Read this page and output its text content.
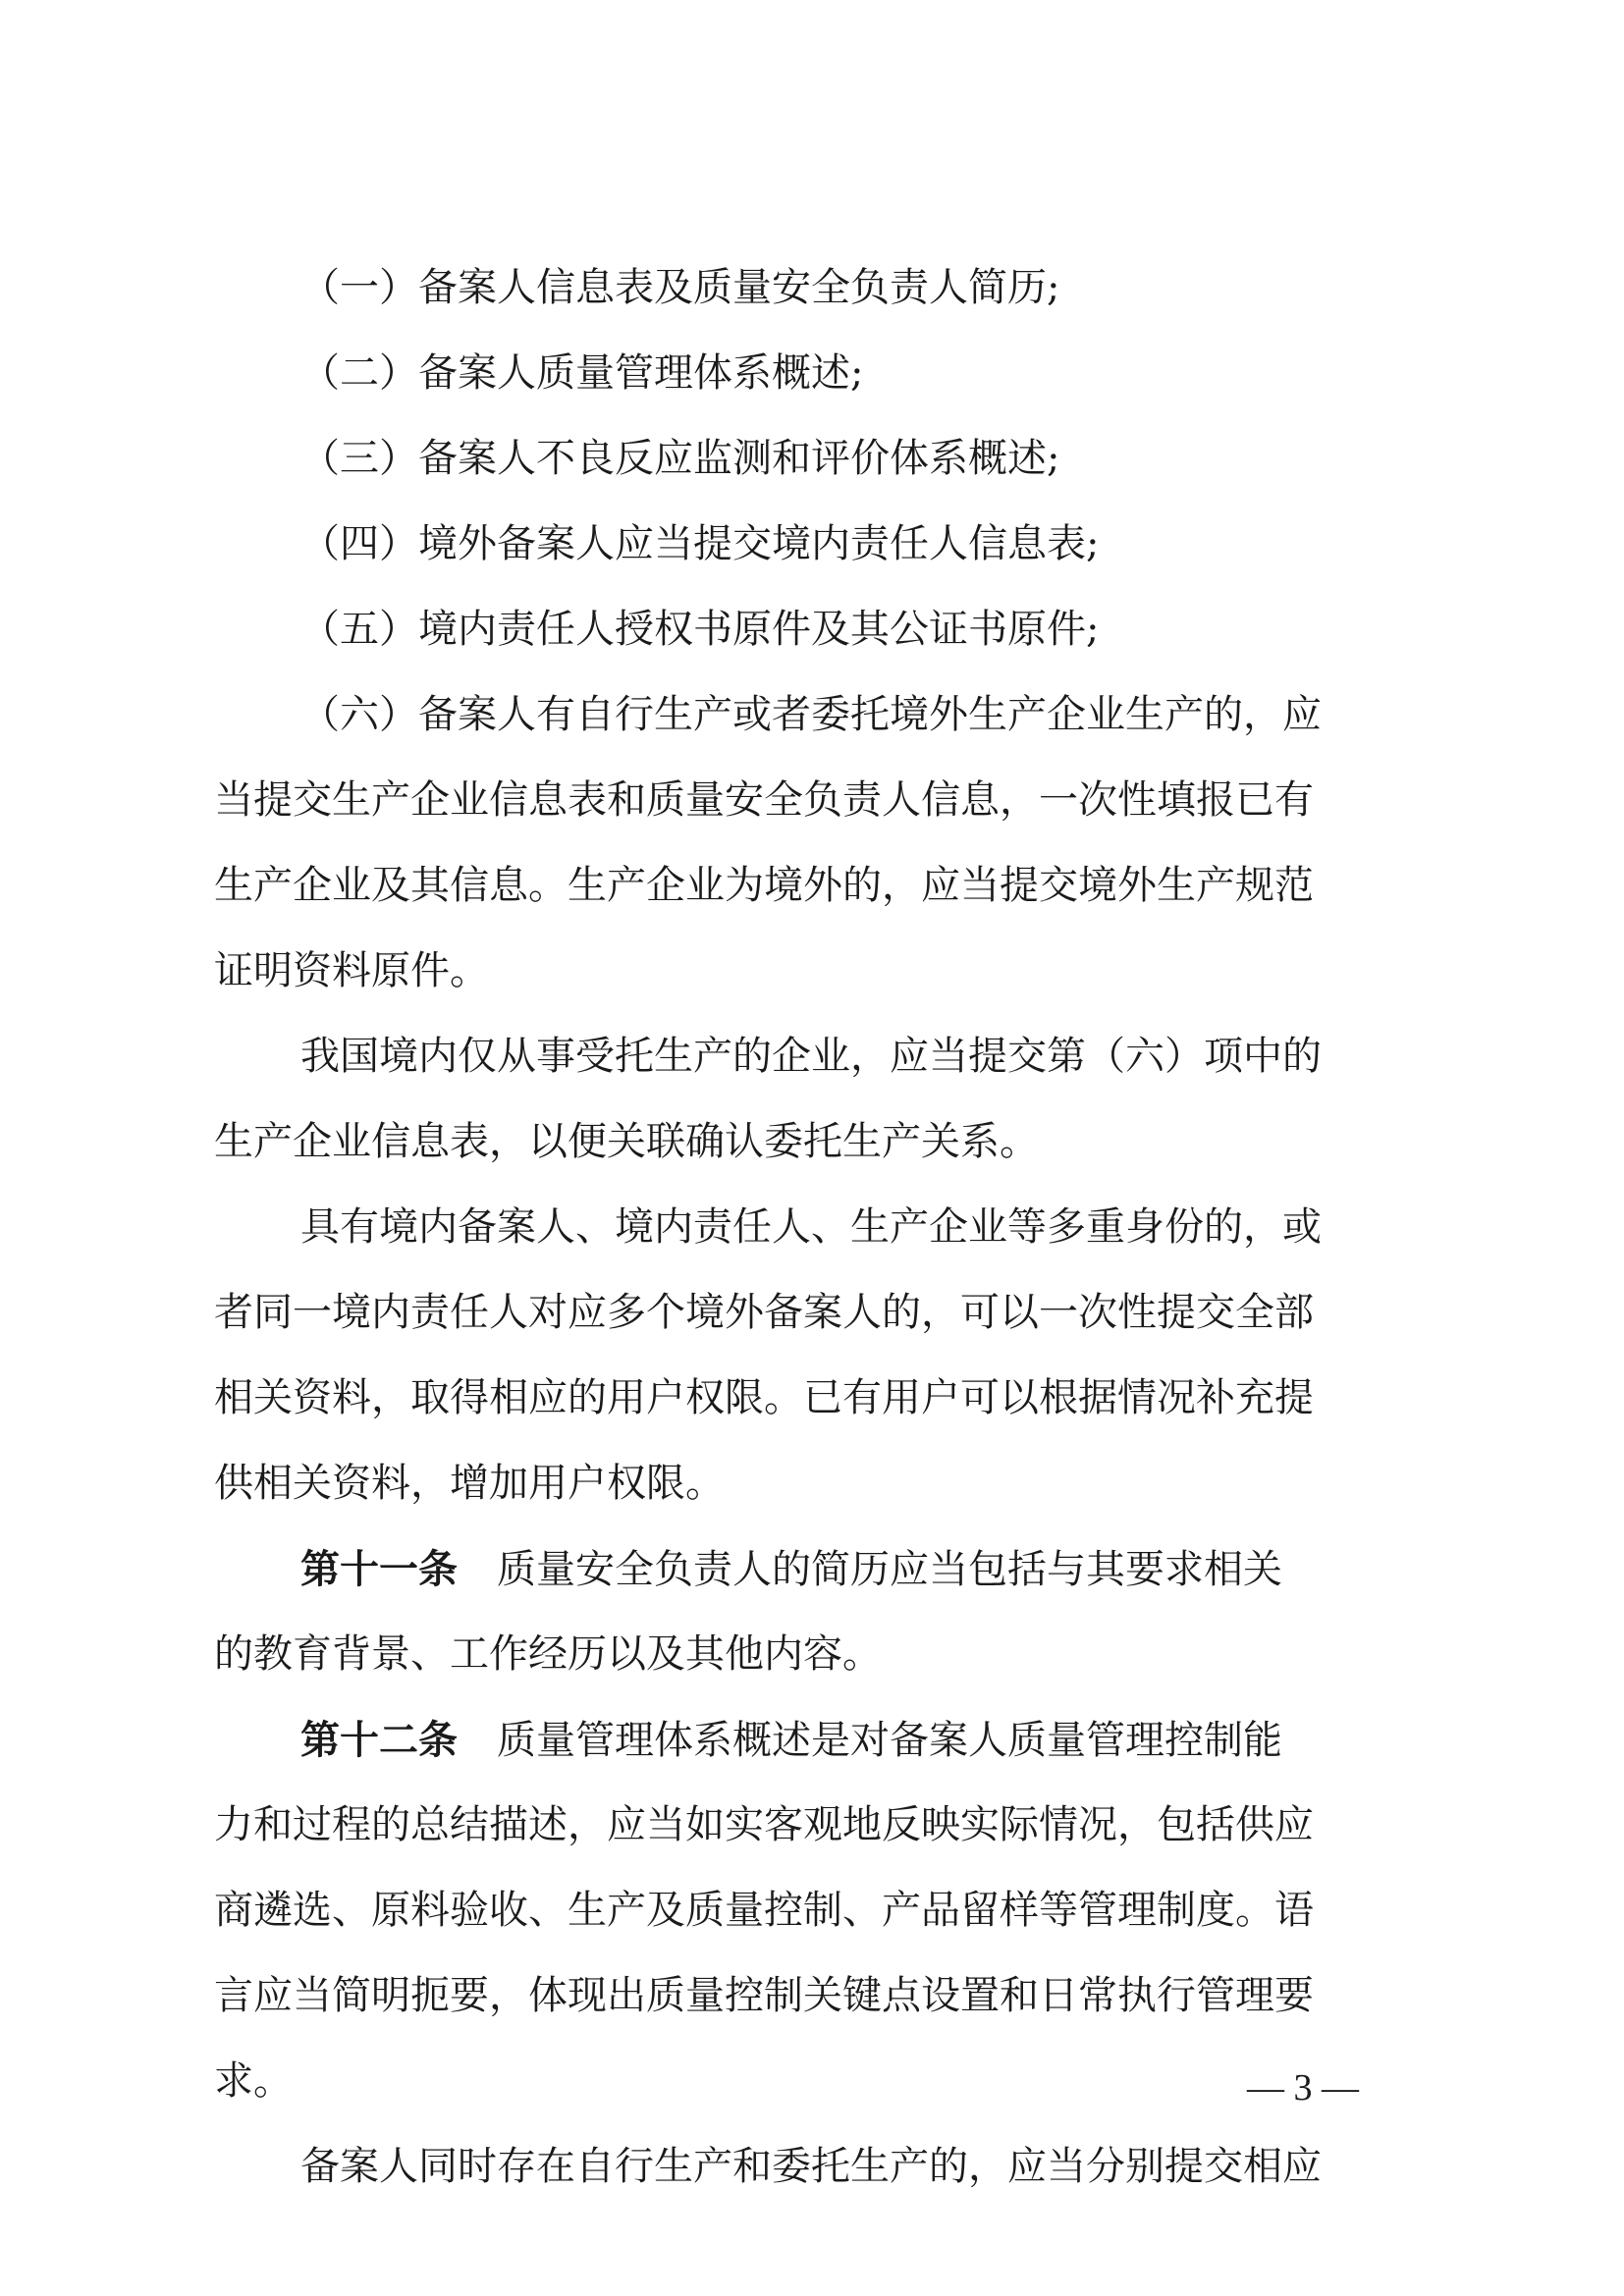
（一）备案人信息表及质量安全负责人简历;
（二）备案人质量管理体系概述;
（三）备案人不良反应监测和评价体系概述;
（四）境外备案人应当提交境内责任人信息表;
（五）境内责任人授权书原件及其公证书原件;
（六）备案人有自行生产或者委托境外生产企业生产的，应
当提交生产企业信息表和质量安全负责人信息，一次性填报已有
生产企业及其信息。生产企业为境外的，应当提交境外生产规范
证明资料原件。
我国境内仅从事受托生产的企业，应当提交第（六）项中的
生产企业信息表，以便关联确认委托生产关系。
具有境内备案人、境内责任人、生产企业等多重身份的，或
者同一境内责任人对应多个境外备案人的，可以一次性提交全部
相关资料，取得相应的用户权限。已有用户可以根据情况补充提
供相关资料，增加用户权限。
第十一条 质量安全负责人的简历应当包括与其要求相关
的教育背景、工作经历以及其他内容。
第十二条 质量管理体系概述是对备案人质量管理控制能
力和过程的总结描述，应当如实客观地反映实际情况，包括供应
商遴选、原料验收、生产及质量控制、产品留样等管理制度。语
言应当简明扼要，体现出质量控制关键点设置和日常执行管理要
求。
备案人同时存在自行生产和委托生产的，应当分别提交相应
— 3 —
